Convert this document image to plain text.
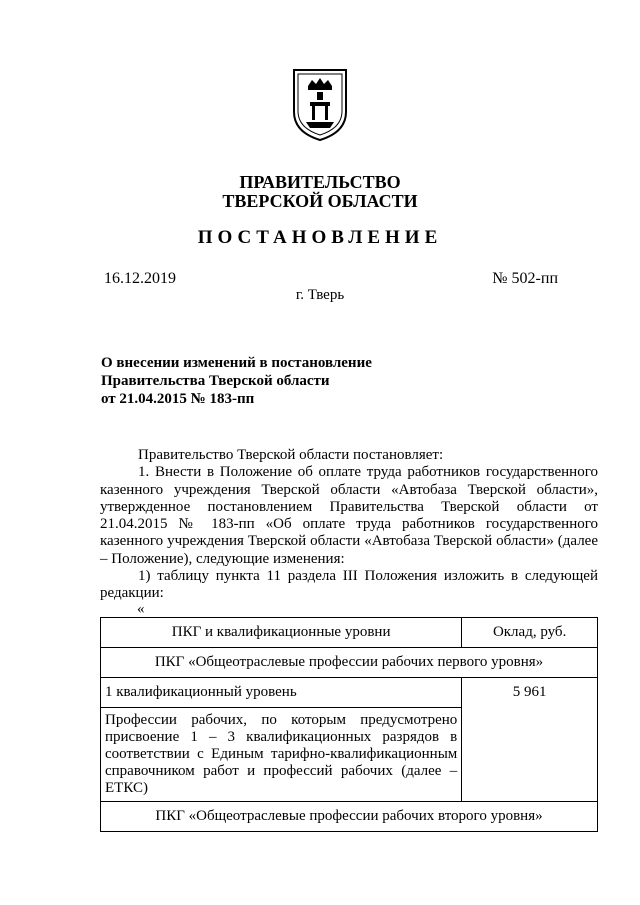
ПРАВИТЕЛЬСТВО
ТВЕРСКОЙ ОБЛАСТИ
ПОСТАНОВЛЕНИЕ
16.12.2019	№ 502-пп
г. Тверь
О внесении изменений в постановление
Правительства Тверской области
от 21.04.2015 № 183-пп

Правительство Тверской области постановляет:

1. Внести в Положение об оплате труда работников государственного казенного учреждения Тверской области «Автобаза Тверской области», утвержденное постановлением Правительства Тверской области от 21.04.2015 № 183-пп «Об оплате труда работников государственного казенного учреждения Тверской области «Автобаза Тверской области» (далее – Положение), следующие изменения:

1) таблицу пункта 11 раздела III Положения изложить в следующей редакции:

«
ПКГ и квалификационные уровни	Оклад, руб.
ПКГ «Общеотраслевые профессии рабочих первого уровня»	
1 квалификационный уровень	5 961
Профессии рабочих, по которым предусмотрено присвоение 1 – 3 квалификационных разрядов в соответствии с Единым тарифно-квалификационным справочником работ и профессий рабочих (далее – ЕТКС)	
ПКГ «Общеотраслевые профессии рабочих второго уровня»	
